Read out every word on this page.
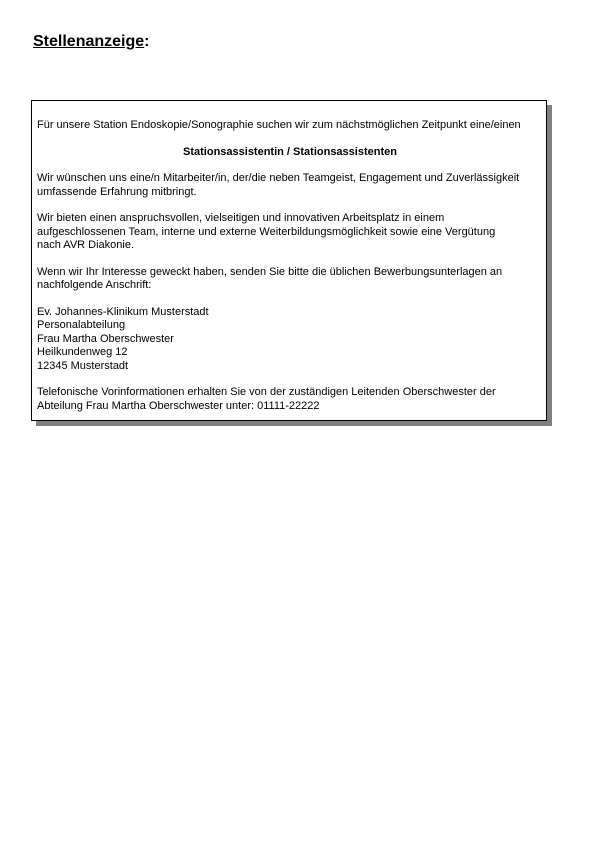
Stellenanzeige:

Für unsere Station Endoskopie/Sonographie suchen wir zum nächstmöglichen Zeitpunkt eine/einen

Stationsassistentin / Stationsassistenten

Wir wünschen uns eine/n Mitarbeiter/in, der/die neben Teamgeist, Engagement und Zuverlässigkeit
umfassende Erfahrung mitbringt.

Wir bieten einen anspruchsvollen, vielseitigen und innovativen Arbeitsplatz in einem
aufgeschlossenen Team, interne und externe Weiterbildungsmöglichkeit sowie eine Vergütung
nach AVR Diakonie.

Wenn wir Ihr Interesse geweckt haben, senden Sie bitte die üblichen Bewerbungsunterlagen an
nachfolgende Anschrift:

Ev. Johannes-Klinikum Musterstadt

Personalabteilung

Frau Martha Oberschwester

Heilkundenweg 12

12345 Musterstadt

Telefonische Vorinformationen erhalten Sie von der zuständigen Leitenden Oberschwester der
Abteilung Frau Martha Oberschwester unter: 01111-22222
